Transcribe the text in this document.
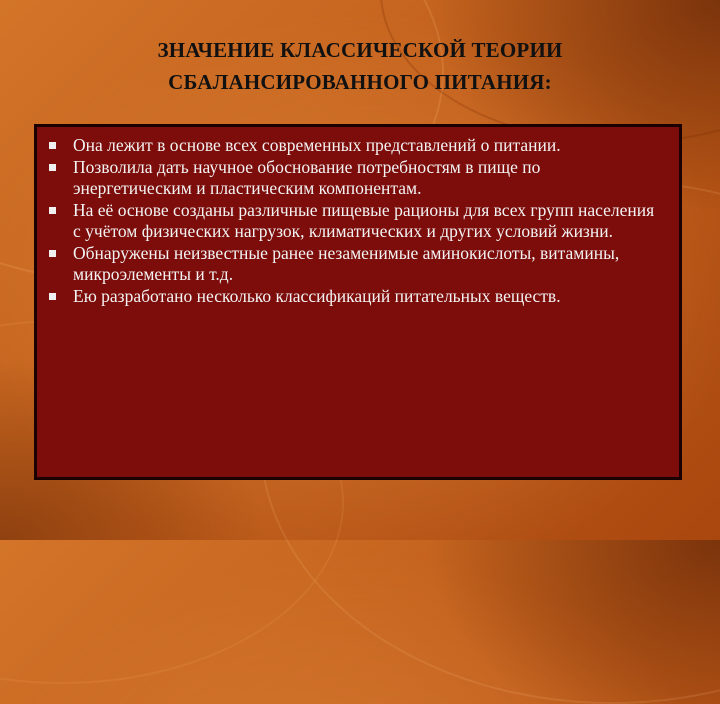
ЗНАЧЕНИЕ КЛАССИЧЕСКОЙ ТЕОРИИ
СБАЛАНСИРОВАННОГО ПИТАНИЯ:
Она лежит в основе всех современных представлений о питании.
Позволила дать научное обоснование потребностям в пище по энергетическим и пластическим компонентам.
На её основе созданы различные пищевые рационы для всех групп населения с учётом физических нагрузок, климатических и других условий жизни.
Обнаружены неизвестные ранее незаменимые аминокислоты, витамины, микроэлементы и т.д.
Ею разработано несколько классификаций питательных веществ.
